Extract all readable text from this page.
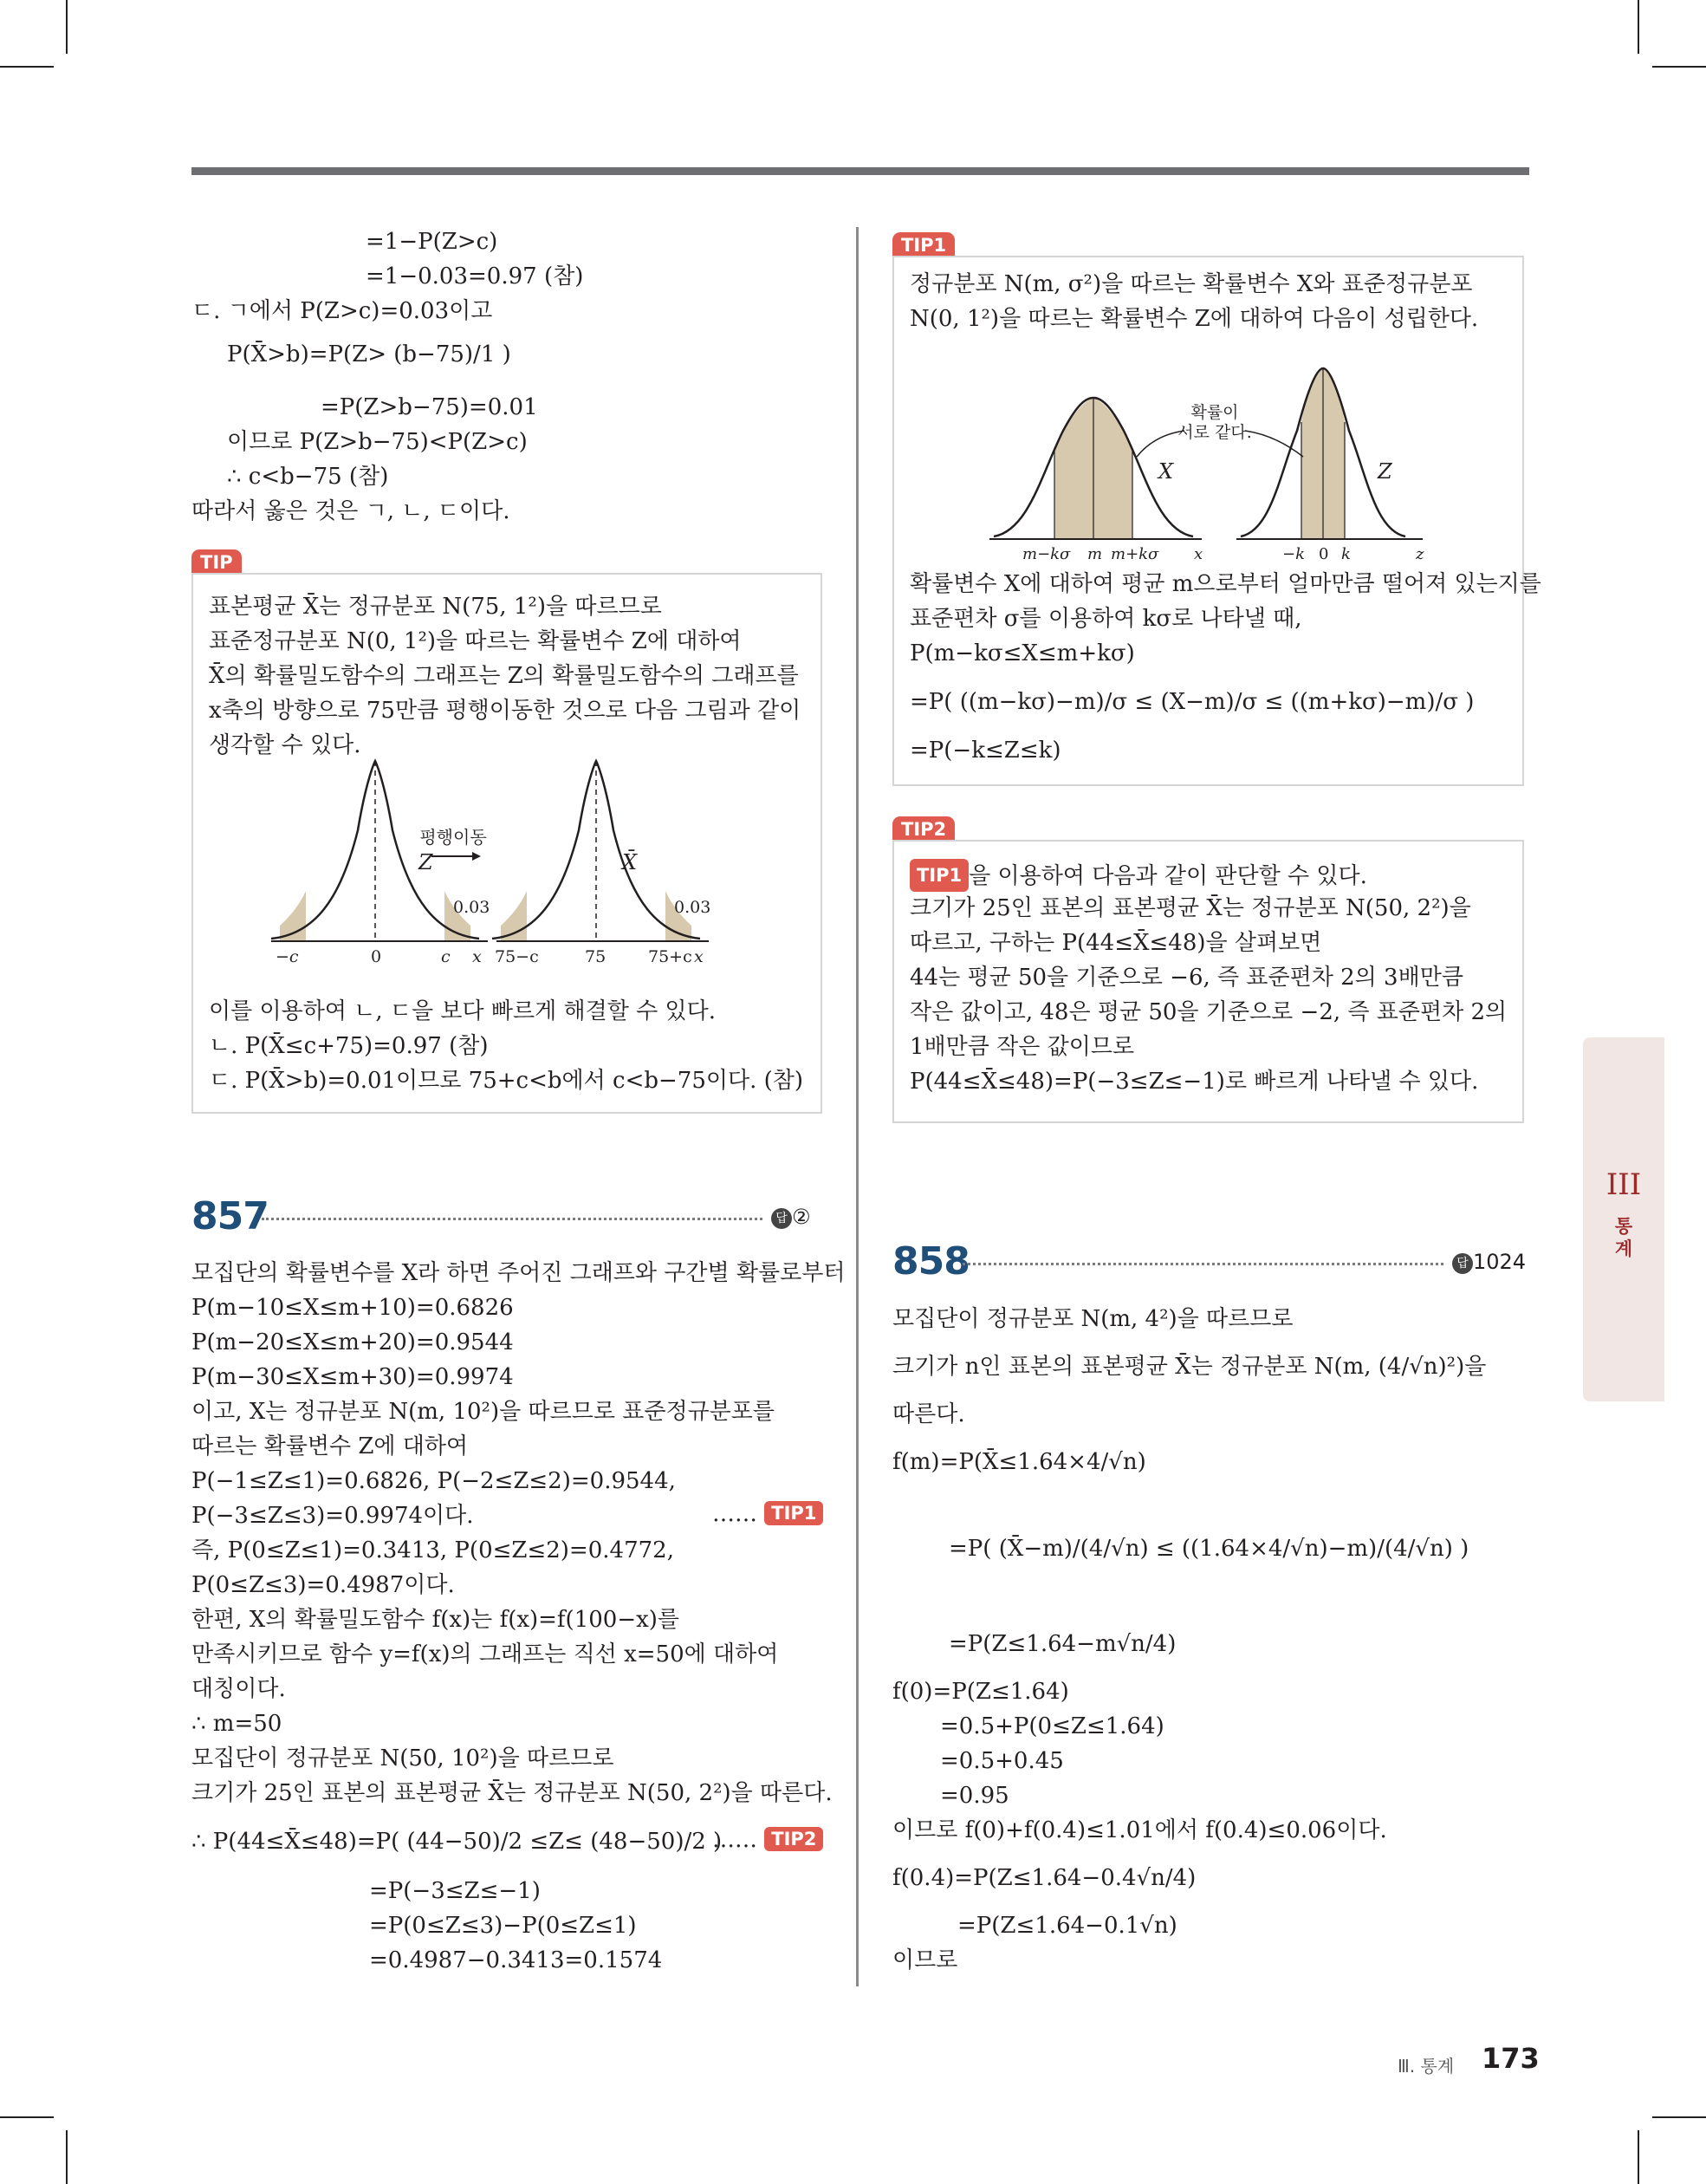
=1−P(Z>c)
=1−0.03=0.97 (참)
ㄷ. ㄱ에서 P(Z>c)=0.03이고
P(X̄>b)=P(Z> (b−75)/1 )
=P(Z>b−75)=0.01
이므로 P(Z>b−75)<P(Z>c)
∴ c<b−75 (참)
따라서 옳은 것은 ㄱ, ㄴ, ㄷ이다.
TIP
표본평균 X̄는 정규분포 N(75, 1²)을 따르므로
표준정규분포 N(0, 1²)을 따르는 확률변수 Z에 대하여
X̄의 확률밀도함수의 그래프는 Z의 확률밀도함수의 그래프를
x축의 방향으로 75만큼 평행이동한 것으로 다음 그림과 같이
생각할 수 있다.
평행이동
Z	X̄
0.03	0.03
−c	0	c x 75−c	75	75+c x
이를 이용하여 ㄴ, ㄷ을 보다 빠르게 해결할 수 있다.
ㄴ. P(X̄≤c+75)=0.97 (참)
ㄷ. P(X̄>b)=0.01이므로 75+c<b에서 c<b−75이다. (참)
857	답 ②
모집단의 확률변수를 X라 하면 주어진 그래프와 구간별 확률로부터
P(m−10≤X≤m+10)=0.6826
P(m−20≤X≤m+20)=0.9544
P(m−30≤X≤m+30)=0.9974
이고, X는 정규분포 N(m, 10²)을 따르므로 표준정규분포를
따르는 확률변수 Z에 대하여
P(−1≤Z≤1)=0.6826, P(−2≤Z≤2)=0.9544,
P(−3≤Z≤3)=0.9974이다.	…… TIP1
즉, P(0≤Z≤1)=0.3413, P(0≤Z≤2)=0.4772,
P(0≤Z≤3)=0.4987이다.
한편, X의 확률밀도함수 f(x)는 f(x)=f(100−x)를
만족시키므로 함수 y=f(x)의 그래프는 직선 x=50에 대하여
대칭이다.
∴ m=50
모집단이 정규분포 N(50, 10²)을 따르므로
크기가 25인 표본의 표본평균 X̄는 정규분포 N(50, 2²)을 따른다.
∴ P(44≤X̄≤48)=P( (44−50)/2 ≤Z≤ (48−50)/2 )
…… TIP2
=P(−3≤Z≤−1)
=P(0≤Z≤3)−P(0≤Z≤1)
=0.4987−0.3413=0.1574
TIP1
정규분포 N(m, σ²)을 따르는 확률변수 X와 표준정규분포
N(0, 1²)을 따르는 확률변수 Z에 대하여 다음이 성립한다.
확률이
서로 같다.
X	Z
m−kσ m m+kσ x	−k 0 k	z
확률변수 X에 대하여 평균 m으로부터 얼마만큼 떨어져 있는지를
표준편차 σ를 이용하여 kσ로 나타낼 때,
P(m−kσ≤X≤m+kσ)
=P( ((m−kσ)−m)/σ ≤ (X−m)/σ ≤ ((m+kσ)−m)/σ )
=P(−k≤Z≤k)
TIP2
TIP1 을 이용하여 다음과 같이 판단할 수 있다.
크기가 25인 표본의 표본평균 X̄는 정규분포 N(50, 2²)을
따르고, 구하는 P(44≤X̄≤48)을 살펴보면
44는 평균 50을 기준으로 −6, 즉 표준편차 2의 3배만큼
작은 값이고, 48은 평균 50을 기준으로 −2, 즉 표준편차 2의
1배만큼 작은 값이므로
P(44≤X̄≤48)=P(−3≤Z≤−1)로 빠르게 나타낼 수 있다.
858	답 1024
모집단이 정규분포 N(m, 4²)을 따르므로
크기가 n인 표본의 표본평균 X̄는 정규분포 N(m, (4/√n)²)을
따른다.
f(m)=P(X̄≤1.64×4/√n)
=P( (X̄−m)/(4/√n) ≤ ((1.64×4/√n)−m)/(4/√n) )
=P(Z≤1.64−m√n/4)
f(0)=P(Z≤1.64)
=0.5+P(0≤Z≤1.64)
=0.5+0.45
=0.95
이므로 f(0)+f(0.4)≤1.01에서 f(0.4)≤0.06이다.
f(0.4)=P(Z≤1.64−0.4√n/4)
=P(Z≤1.64−0.1√n)
이므로
III
통
계
Ⅲ. 통계 173
